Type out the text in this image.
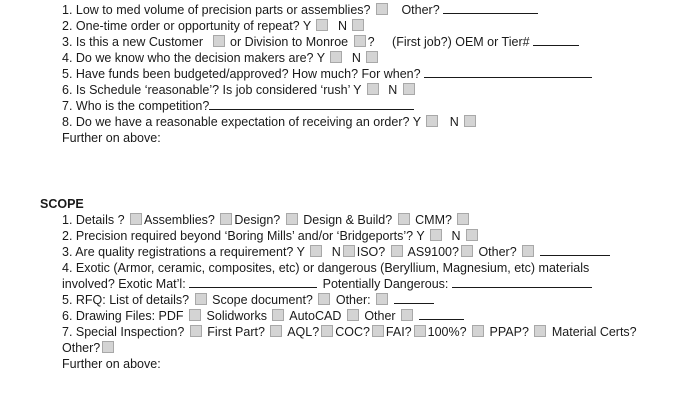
1. Low to med volume of precision parts or assemblies? Other?
2. One-time order or opportunity of repeat? Y N
3. Is this a new Customer or Division to Monroe ? (First job?) OEM or Tier#
4. Do we know who the decision makers are? Y N
5. Have funds been budgeted/approved? How much? For when?
6. Is Schedule ‘reasonable’? Is job considered ‘rush’ Y N
7. Who is the competition?
8. Do we have a reasonable expectation of receiving an order? Y N
Further on above:
SCOPE
1. Details ? Assemblies? Design? Design & Build? CMM?
2. Precision required beyond ‘Boring Mills’ and/or ‘Bridgeports’? Y N
3. Are quality registrations a requirement? Y N ISO? AS9100? Other?
4. Exotic (Armor, ceramic, composites, etc) or dangerous (Beryllium, Magnesium, etc) materials
involved? Exotic Mat’l:	Potentially Dangerous:
5. RFQ: List of details? Scope document? Other:
6. Drawing Files: PDF Solidworks AutoCAD Other
7. Special Inspection? First Part? AQL? COC? FAI? 100%? PPAP? Material Certs?
Other?
Further on above:
